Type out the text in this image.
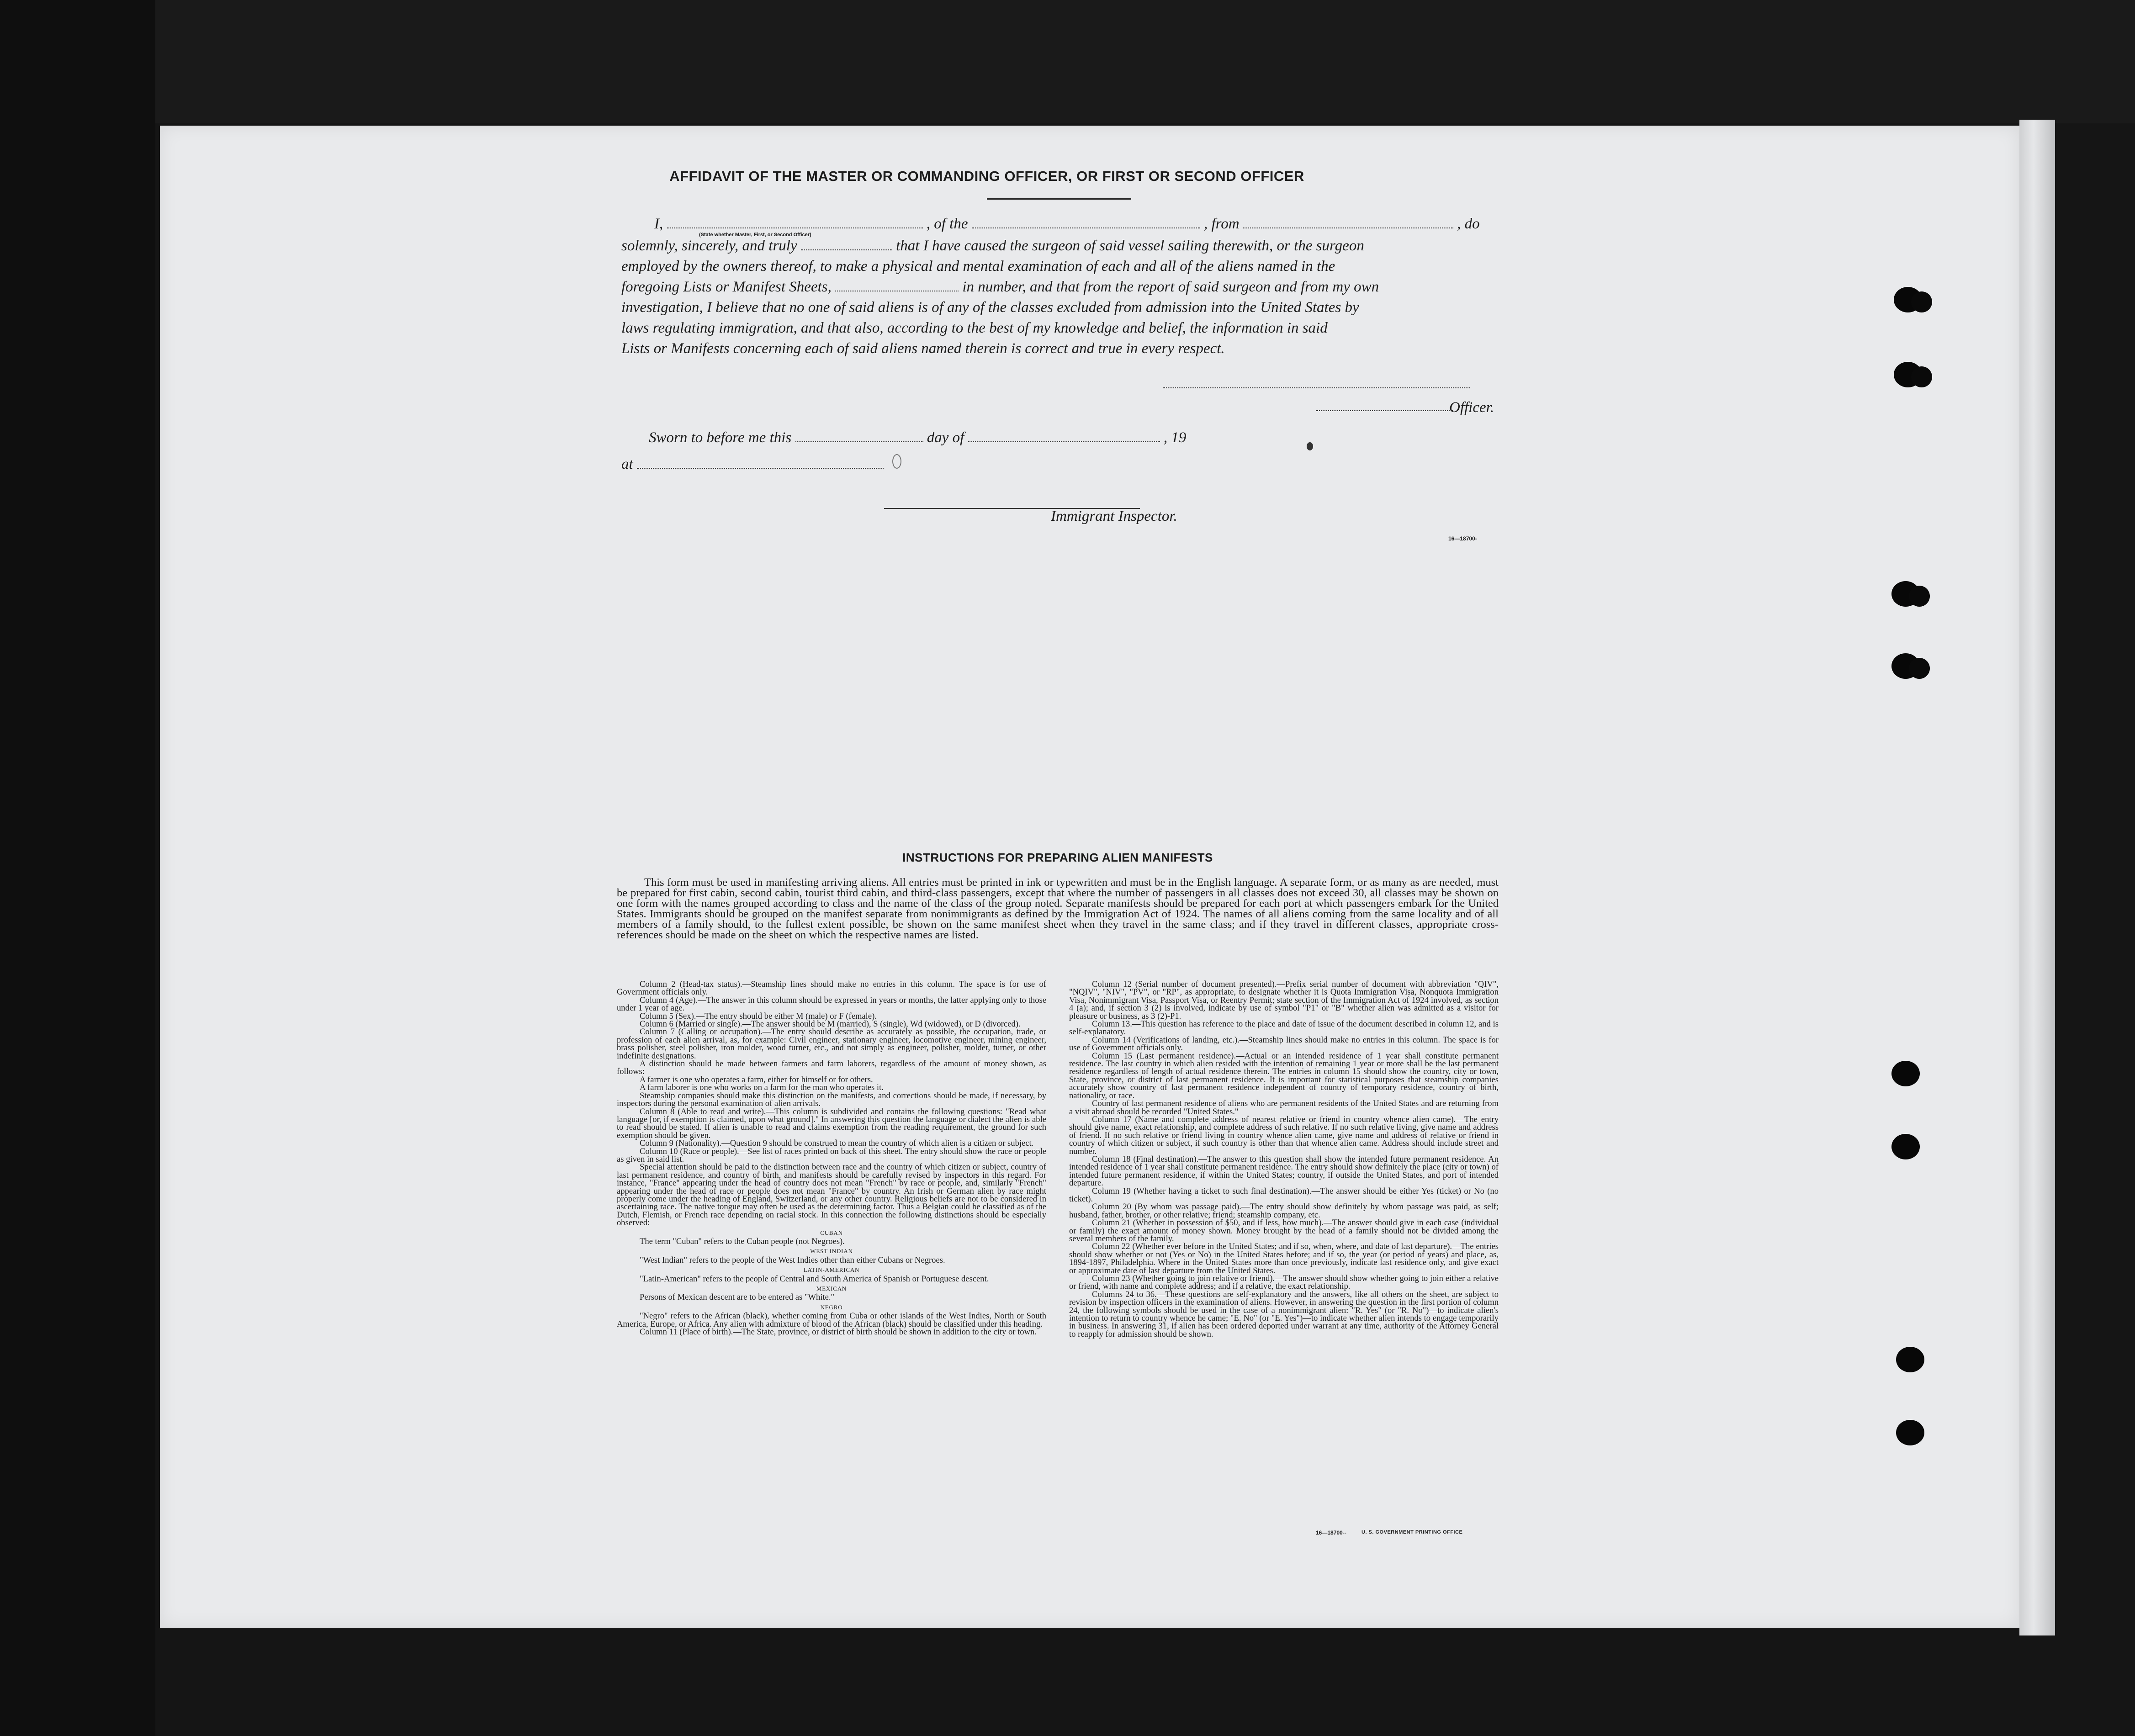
AFFIDAVIT OF THE MASTER OR COMMANDING OFFICER, OR FIRST OR SECOND OFFICER
I,	, of the	, from	, do
(State whether Master, First, or Second Officer)
solemnly, sincerely, and truly	that I have caused the surgeon of said vessel sailing therewith, or the surgeon
employed by the owners thereof, to make a physical and mental examination of each and all of the aliens named in the
foregoing Lists or Manifest Sheets,	in number, and that from the report of said surgeon and from my own
investigation, I believe that no one of said aliens is of any of the classes excluded from admission into the United States by
laws regulating immigration, and that also, according to the best of my knowledge and belief, the information in said
Lists or Manifests concerning each of said aliens named therein is correct and true in every respect.
Officer.
Sworn to before me this	day of	, 19
at
Immigrant Inspector.
16—18700‐
INSTRUCTIONS FOR PREPARING ALIEN MANIFESTS
This form must be used in manifesting arriving aliens. All entries must be printed in ink or typewritten and must be in the English language. A separate form, or as many as are needed, must be prepared for first cabin, second cabin, tourist third cabin, and third-class passengers, except that where the number of passengers in all classes does not exceed 30, all classes may be shown on one form with the names grouped according to class and the name of the class of the group noted. Separate manifests should be prepared for each port at which passengers embark for the United States. Immigrants should be grouped on the manifest separate from nonimmigrants as defined by the Immigration Act of 1924. The names of all aliens coming from the same locality and of all members of a family should, to the fullest extent possible, be shown on the same manifest sheet when they travel in the same class; and if they travel in different classes, appropriate cross-references should be made on the sheet on which the respective names are listed.

Column 2 (Head-tax status).—Steamship lines should make no entries in this column. The space is for use of Government officials only.

Column 4 (Age).—The answer in this column should be expressed in years or months, the latter applying only to those under 1 year of age.

Column 5 (Sex).—The entry should be either M (male) or F (female).

Column 6 (Married or single).—The answer should be M (married), S (single), Wd (widowed), or D (divorced).

Column 7 (Calling or occupation).—The entry should describe as accurately as possible, the occupation, trade, or profession of each alien arrival, as, for example: Civil engineer, stationary engineer, locomotive engineer, mining engineer, brass polisher, steel polisher, iron molder, wood turner, etc., and not simply as engineer, polisher, molder, turner, or other indefinite designations.

A distinction should be made between farmers and farm laborers, regardless of the amount of money shown, as follows:

A farmer is one who operates a farm, either for himself or for others.

A farm laborer is one who works on a farm for the man who operates it.

Steamship companies should make this distinction on the manifests, and corrections should be made, if necessary, by inspectors during the personal examination of alien arrivals.

Column 8 (Able to read and write).—This column is subdivided and contains the following questions: "Read what language [or, if exemption is claimed, upon what ground]." In answering this question the language or dialect the alien is able to read should be stated. If alien is unable to read and claims exemption from the reading requirement, the ground for such exemption should be given.

Column 9 (Nationality).—Question 9 should be construed to mean the country of which alien is a citizen or subject.

Column 10 (Race or people).—See list of races printed on back of this sheet. The entry should show the race or people as given in said list.

Special attention should be paid to the distinction between race and the country of which citizen or subject, country of last permanent residence, and country of birth, and manifests should be carefully revised by inspectors in this regard. For instance, "France" appearing under the head of country does not mean "French" by race or people, and, similarly "French" appearing under the head of race or people does not mean "France" by country. An Irish or German alien by race might properly come under the heading of England, Switzerland, or any other country. Religious beliefs are not to be considered in ascertaining race. The native tongue may often be used as the determining factor. Thus a Belgian could be classified as of the Dutch, Flemish, or French race depending on racial stock. In this connection the following distinctions should be especially observed:

CUBAN

The term "Cuban" refers to the Cuban people (not Negroes).

WEST INDIAN

"West Indian" refers to the people of the West Indies other than either Cubans or Negroes.

LATIN-AMERICAN

"Latin-American" refers to the people of Central and South America of Spanish or Portuguese descent.

MEXICAN

Persons of Mexican descent are to be entered as "White."

NEGRO

"Negro" refers to the African (black), whether coming from Cuba or other islands of the West Indies, North or South America, Europe, or Africa. Any alien with admixture of blood of the African (black) should be classified under this heading.

Column 11 (Place of birth).—The State, province, or district of birth should be shown in addition to the city or town.

Column 12 (Serial number of document presented).—Prefix serial number of document with abbreviation "QIV", "NQIV", "NIV", "PV", or "RP", as appropriate, to designate whether it is Quota Immigration Visa, Nonquota Immigration Visa, Nonimmigrant Visa, Passport Visa, or Reentry Permit; state section of the Immigration Act of 1924 involved, as section 4 (a); and, if section 3 (2) is involved, indicate by use of symbol "P1" or "B" whether alien was admitted as a visitor for pleasure or business, as 3 (2)-P1.

Column 13.—This question has reference to the place and date of issue of the document described in column 12, and is self-explanatory.

Column 14 (Verifications of landing, etc.).—Steamship lines should make no entries in this column. The space is for use of Government officials only.

Column 15 (Last permanent residence).—Actual or an intended residence of 1 year shall constitute permanent residence. The last country in which alien resided with the intention of remaining 1 year or more shall be the last permanent residence regardless of length of actual residence therein. The entries in column 15 should show the country, city or town, State, province, or district of last permanent residence. It is important for statistical purposes that steamship companies accurately show country of last permanent residence independent of country of temporary residence, country of birth, nationality, or race.

Country of last permanent residence of aliens who are permanent residents of the United States and are returning from a visit abroad should be recorded "United States."

Column 17 (Name and complete address of nearest relative or friend in country whence alien came).—The entry should give name, exact relationship, and complete address of such relative. If no such relative living, give name and address of friend. If no such relative or friend living in country whence alien came, give name and address of relative or friend in country of which citizen or subject, if such country is other than that whence alien came. Address should include street and number.

Column 18 (Final destination).—The answer to this question shall show the intended future permanent residence. An intended residence of 1 year shall constitute permanent residence. The entry should show definitely the place (city or town) of intended future permanent residence, if within the United States; country, if outside the United States, and port of intended departure.

Column 19 (Whether having a ticket to such final destination).—The answer should be either Yes (ticket) or No (no ticket).

Column 20 (By whom was passage paid).—The entry should show definitely by whom passage was paid, as self; husband, father, brother, or other relative; friend; steamship company, etc.

Column 21 (Whether in possession of $50, and if less, how much).—The answer should give in each case (individual or family) the exact amount of money shown. Money brought by the head of a family should not be divided among the several members of the family.

Column 22 (Whether ever before in the United States; and if so, when, where, and date of last departure).—The entries should show whether or not (Yes or No) in the United States before; and if so, the year (or period of years) and place, as, 1894-1897, Philadelphia. Where in the United States more than once previously, indicate last residence only, and give exact or approximate date of last departure from the United States.

Column 23 (Whether going to join relative or friend).—The answer should show whether going to join either a relative or friend, with name and complete address; and if a relative, the exact relationship.

Columns 24 to 36.—These questions are self-explanatory and the answers, like all others on the sheet, are subject to revision by inspection officers in the examination of aliens. However, in answering the question in the first portion of column 24, the following symbols should be used in the case of a nonimmigrant alien: "R. Yes" (or "R. No")—to indicate alien's intention to return to country whence he came; "E. No" (or "E. Yes")—to indicate whether alien intends to engage temporarily in business. In answering 31, if alien has been ordered deported under warrant at any time, authority of the Attorney General to reapply for admission should be shown.

16—18700‐‐	U. S. GOVERNMENT PRINTING OFFICE
